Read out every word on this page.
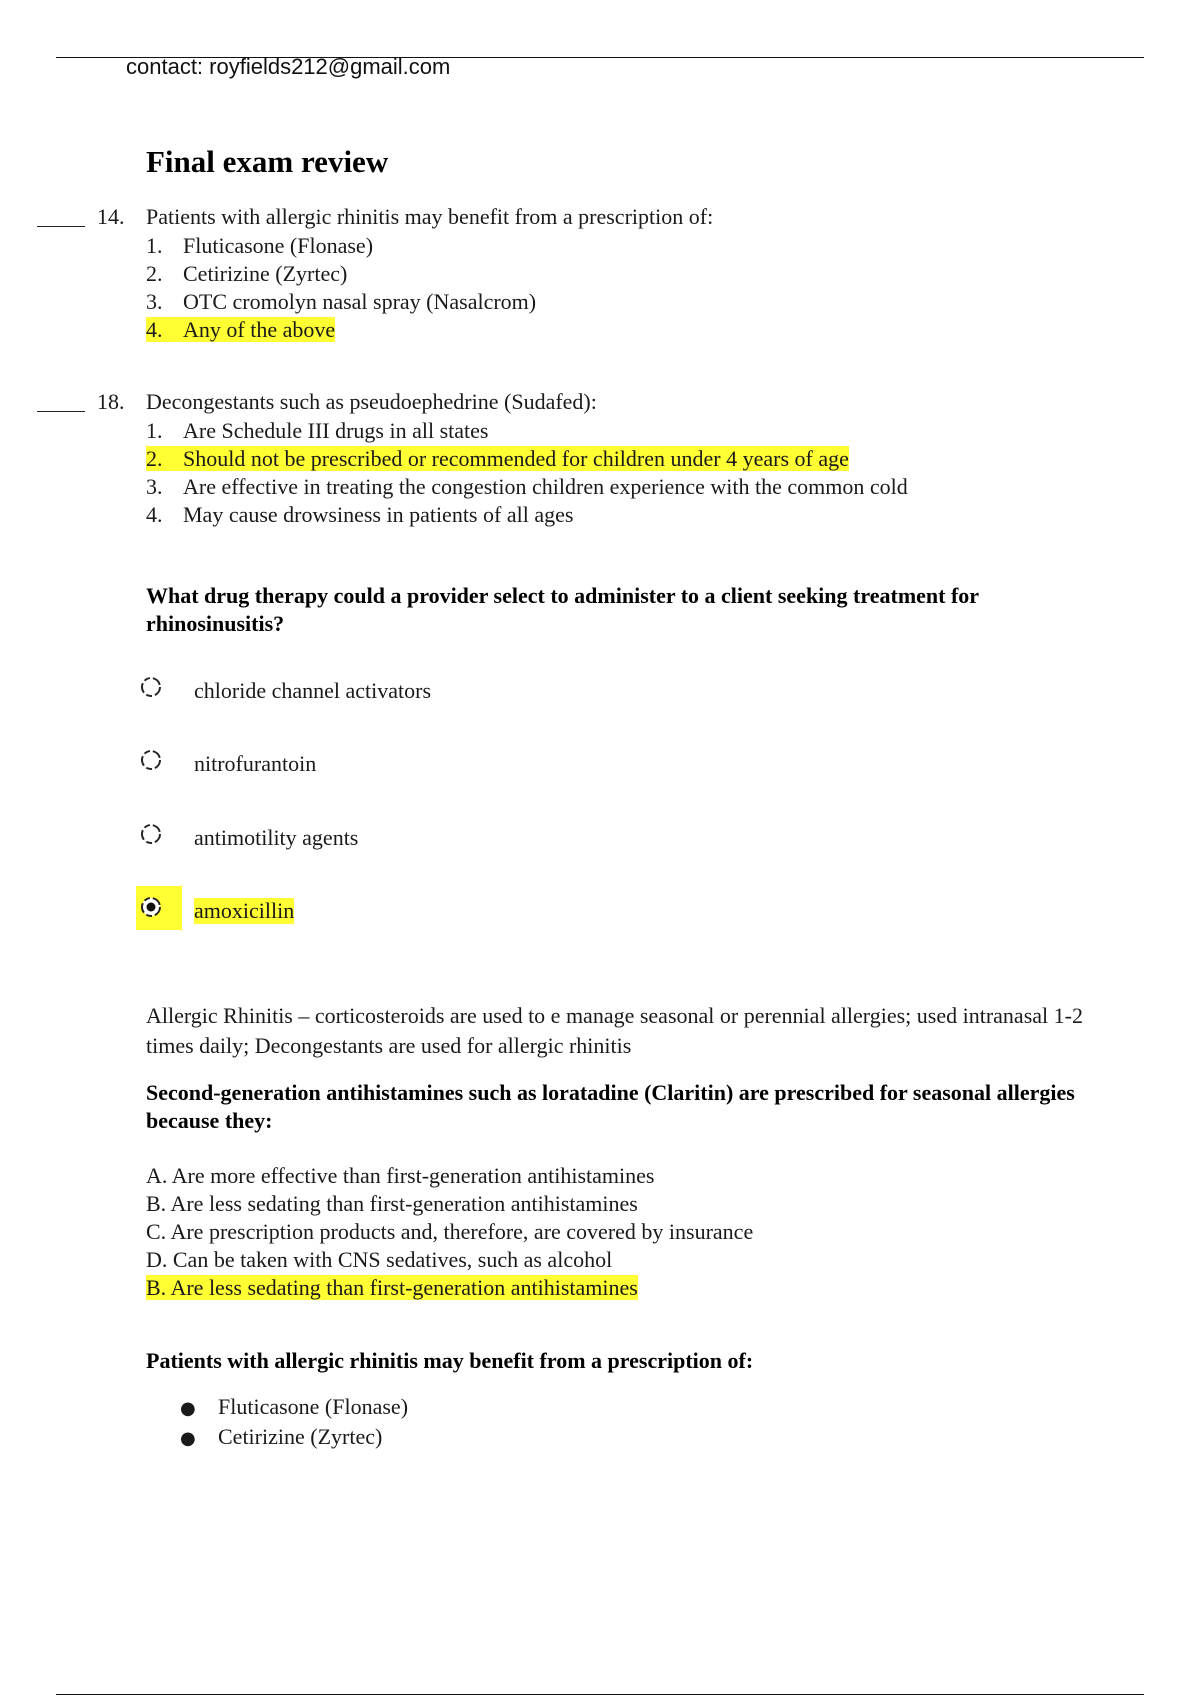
contact: royfields212@gmail.com
Final exam review
14. Patients with allergic rhinitis may benefit from a prescription of:
1. Fluticasone (Flonase)
2. Cetirizine (Zyrtec)
3. OTC cromolyn nasal spray (Nasalcrom)
4. Any of the above
18. Decongestants such as pseudoephedrine (Sudafed):
1. Are Schedule III drugs in all states
2. Should not be prescribed or recommended for children under 4 years of age
3. Are effective in treating the congestion children experience with the common cold
4. May cause drowsiness in patients of all ages
What drug therapy could a provider select to administer to a client seeking treatment for rhinosinusitis?
chloride channel activators
nitrofurantoin
antimotility agents
amoxicillin
Allergic Rhinitis – corticosteroids are used to e manage seasonal or perennial allergies; used intranasal 1-2 times daily; Decongestants are used for allergic rhinitis
Second-generation antihistamines such as loratadine (Claritin) are prescribed for seasonal allergies because they:
A. Are more effective than first-generation antihistamines
B. Are less sedating than first-generation antihistamines
C. Are prescription products and, therefore, are covered by insurance
D. Can be taken with CNS sedatives, such as alcohol
B. Are less sedating than first-generation antihistamines
Patients with allergic rhinitis may benefit from a prescription of:
● Fluticasone (Flonase)
● Cetirizine (Zyrtec)
